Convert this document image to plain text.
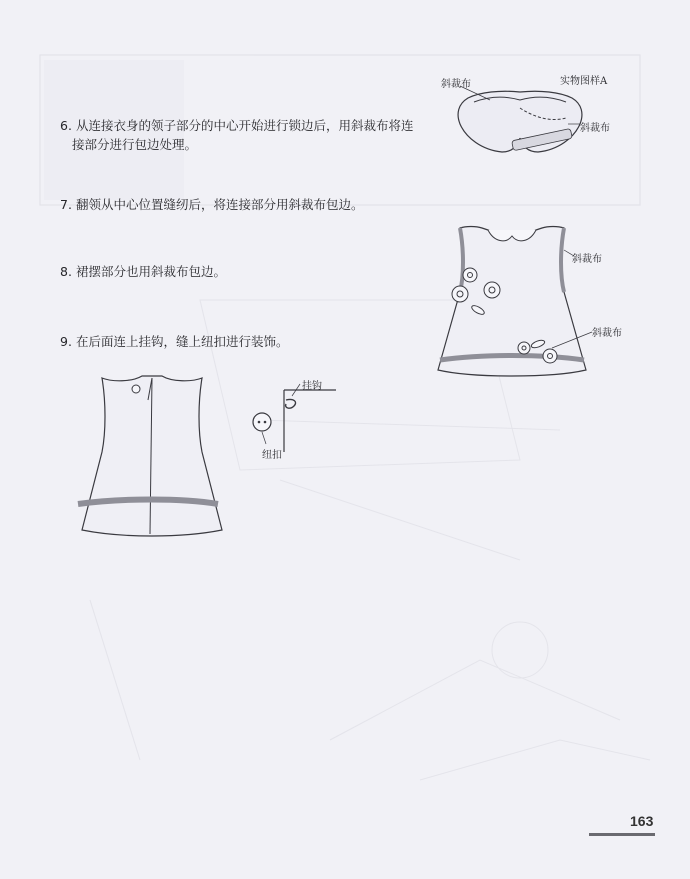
6. 从连接衣身的领子部分的中心开始进行锁边后，用斜裁布将连
接部分进行包边处理。
7. 翻领从中心位置缝纫后，将连接部分用斜裁布包边。
8. 裙摆部分也用斜裁布包边。
9. 在后面连上挂钩，缝上纽扣进行装饰。
实物图样A
斜裁布
斜裁布
斜裁布
斜裁布
挂钩
纽扣
163
